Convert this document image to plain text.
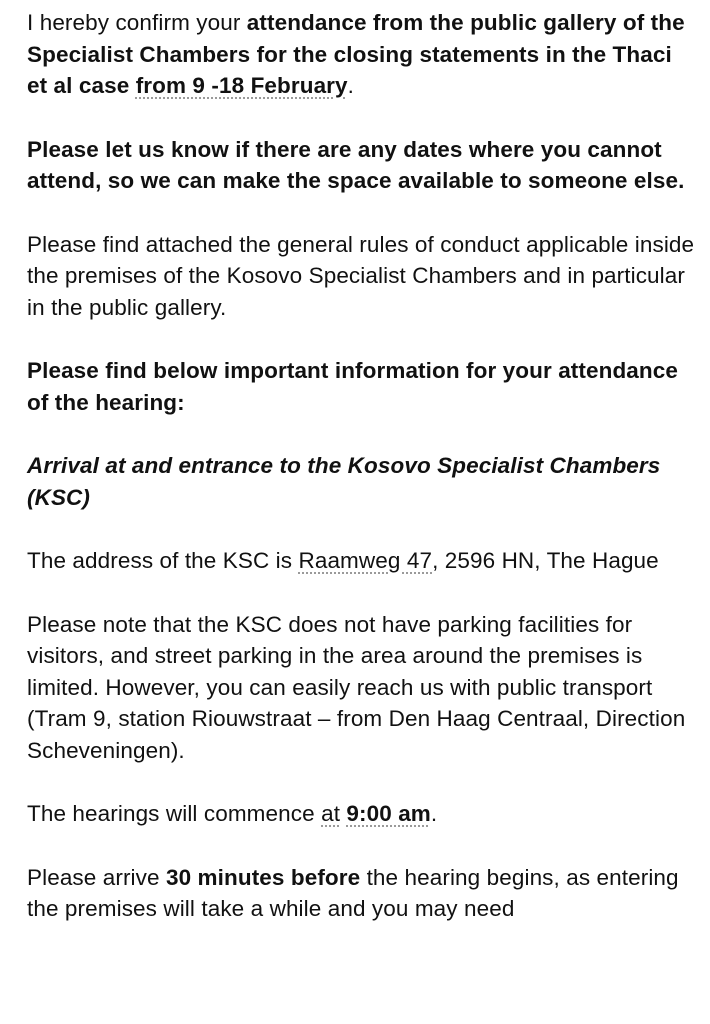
I hereby confirm your attendance from the public gallery of the Specialist Chambers for the closing statements in the Thaci et al case from 9 -18 February.

Please let us know if there are any dates where you cannot attend, so we can make the space available to someone else.

Please find attached the general rules of conduct applicable inside the premises of the Kosovo Specialist Chambers and in particular in the public gallery.

Please find below important information for your attendance of the hearing:

Arrival at and entrance to the Kosovo Specialist Chambers (KSC)

The address of the KSC is Raamweg 47, 2596 HN, The Hague

Please note that the KSC does not have parking facilities for visitors, and street parking in the area around the premises is limited. However, you can easily reach us with public transport (Tram 9, station Riouwstraat – from Den Haag Centraal, Direction Scheveningen).

The hearings will commence at 9:00 am.

Please arrive 30 minutes before the hearing begins, as entering the premises will take a while and you may need
